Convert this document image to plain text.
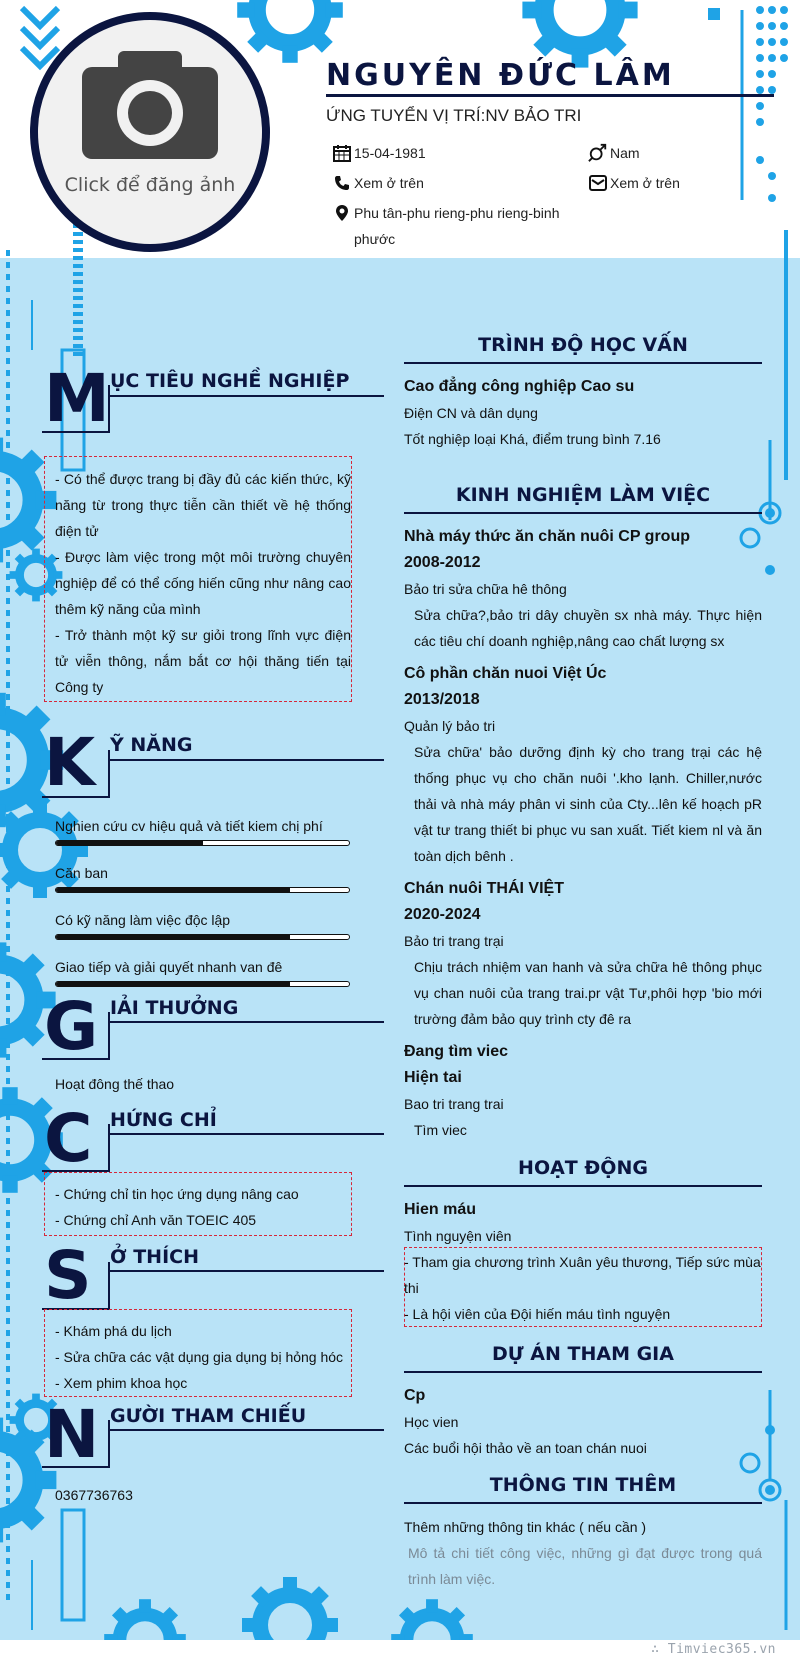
Click để đăng ảnh
NGUYÊN ĐỨC LÂM
ỨNG TUYỂN VỊ TRÍ:NV BẢO TRI
15-04-1981	Nam
Xem ở trên	Xem ở trên
Phu tân-phu rieng-phu rieng-binh phước
M ỤC TIÊU NGHỀ NGHIỆP

- Có thể được trang bị đầy đủ các kiến thức, kỹ năng từ trong thực tiễn cần thiết về hệ thống điện tử

- Được làm việc trong một môi trường chuyên nghiệp để có thể cống hiến cũng như nâng cao thêm kỹ năng của mình

- Trở thành một kỹ sư giỏi trong lĩnh vực điện tử viễn thông, nắm bắt cơ hội thăng tiến tại Công ty

K Ỹ NĂNG
Nghien cứu cv hiệu quả và tiết kiem chị phí
Căn ban
Có kỹ năng làm việc độc lập
Giao tiếp và giải quyết nhanh van đê
G IẢI THƯỞNG
Hoạt đông thế thao
C HỨNG CHỈ

- Chứng chỉ tin học ứng dụng nâng cao

- Chứng chỉ Anh văn TOEIC 405

S Ở THÍCH

- Khám phá du lịch

- Sửa chữa các vật dụng gia dụng bị hỏng hóc

- Xem phim khoa học

N GƯỜI THAM CHIẾU
0367736763
TRÌNH ĐỘ HỌC VẤN
Cao đẳng công nghiệp Cao su
Điện CN và dân dụng
Tốt nghiệp loại Khá, điểm trung bình 7.16
KINH NGHIỆM LÀM VIỆC
Nhà máy thức ăn chăn nuôi CP group
2008-2012
Bảo tri sửa chữa hê thông
Sửa chữa?,bảo tri dây chuyền sx nhà máy. Thực hiện các tiêu chí doanh nghiệp,nâng cao chất lượng sx
Cô phần chăn nuoi Việt Úc
2013/2018
Quản lý bảo tri
Sửa chữa' bảo dưỡng định kỳ cho trang trại các hệ thống phục vụ cho chăn nuôi '.kho lạnh. Chiller,nước thải và nhà máy phân vi sinh của Cty...lên kế hoạch pR vật tư trang thiết bi phục vu san xuất. Tiết kiem nl và ăn toàn dịch bênh .
Chán nuôi THÁI VIỆT
2020-2024
Bảo tri trang trại
Chịu trách nhiệm van hanh và sửa chữa hê thông phục vụ chan nuôi của trang trai.pr vật Tư,phôi hợp 'bio mới trường đảm bảo quy trình cty đê ra
Đang tìm viec
Hiện tai
Bao tri trang trai
Tìm viec
HOẠT ĐỘNG
Hien máu
Tình nguyện viên
- Tham gia chương trình Xuân yêu thương, Tiếp sức mùa thi
- Là hội viên của Đội hiến máu tình nguyện
DỰ ÁN THAM GIA
Cp
Học vien
Các buổi hội thảo về an toan chán nuoi
THÔNG TIN THÊM
Thêm những thông tin khác ( nếu cần )
Mô tả chi tiết công việc, những gì đạt được trong quá trình làm việc.
∴ Timviec365.vn
